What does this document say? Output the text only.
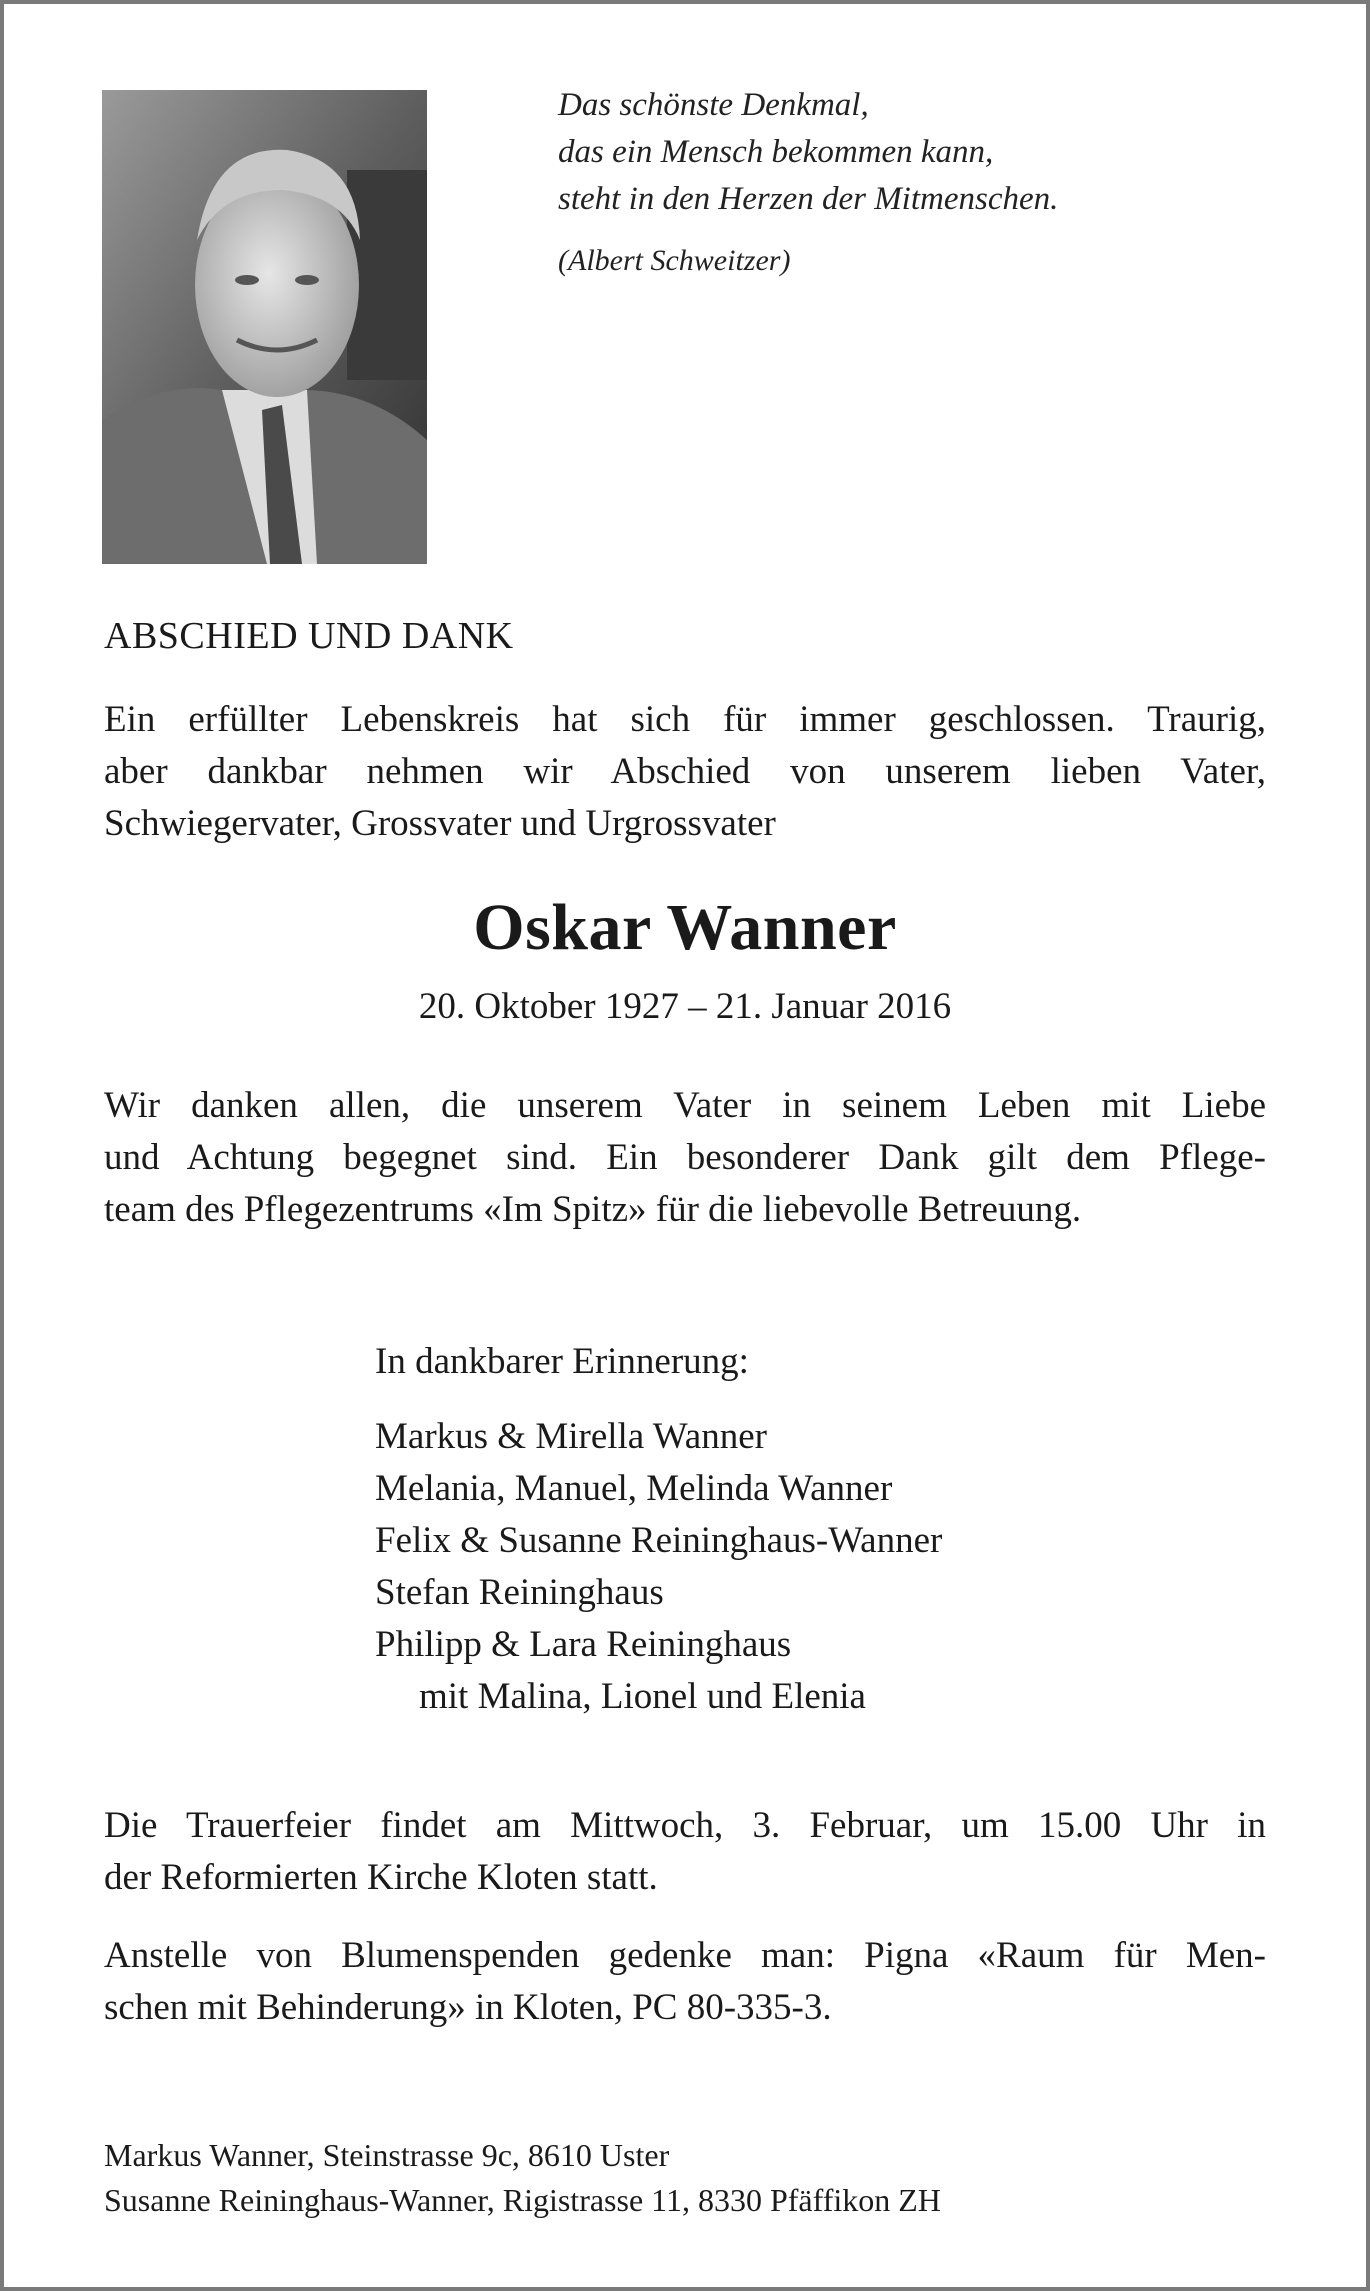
Das schönste Denkmal,
das ein Mensch bekommen kann,
steht in den Herzen der Mitmenschen.
(Albert Schweitzer)
ABSCHIED UND DANK
Ein erfüllter Lebenskreis hat sich für immer geschlossen. Traurig,
aber dankbar nehmen wir Abschied von unserem lieben Vater,
Schwiegervater, Grossvater und Urgrossvater
Oskar Wanner
20. Oktober 1927 – 21. Januar 2016
Wir danken allen, die unserem Vater in seinem Leben mit Liebe
und Achtung begegnet sind. Ein besonderer Dank gilt dem Pflege-
team des Pflegezentrums «Im Spitz» für die liebevolle Betreuung.
In dankbarer Erinnerung:
Markus & Mirella Wanner
Melania, Manuel, Melinda Wanner
Felix & Susanne Reininghaus-Wanner
Stefan Reininghaus
Philipp & Lara Reininghaus
mit Malina, Lionel und Elenia
Die Trauerfeier findet am Mittwoch, 3. Februar, um 15.00 Uhr in
der Reformierten Kirche Kloten statt.
Anstelle von Blumenspenden gedenke man: Pigna «Raum für Men-
schen mit Behinderung» in Kloten, PC 80-335-3.
Markus Wanner, Steinstrasse 9c, 8610 Uster
Susanne Reininghaus-Wanner, Rigistrasse 11, 8330 Pfäffikon ZH
